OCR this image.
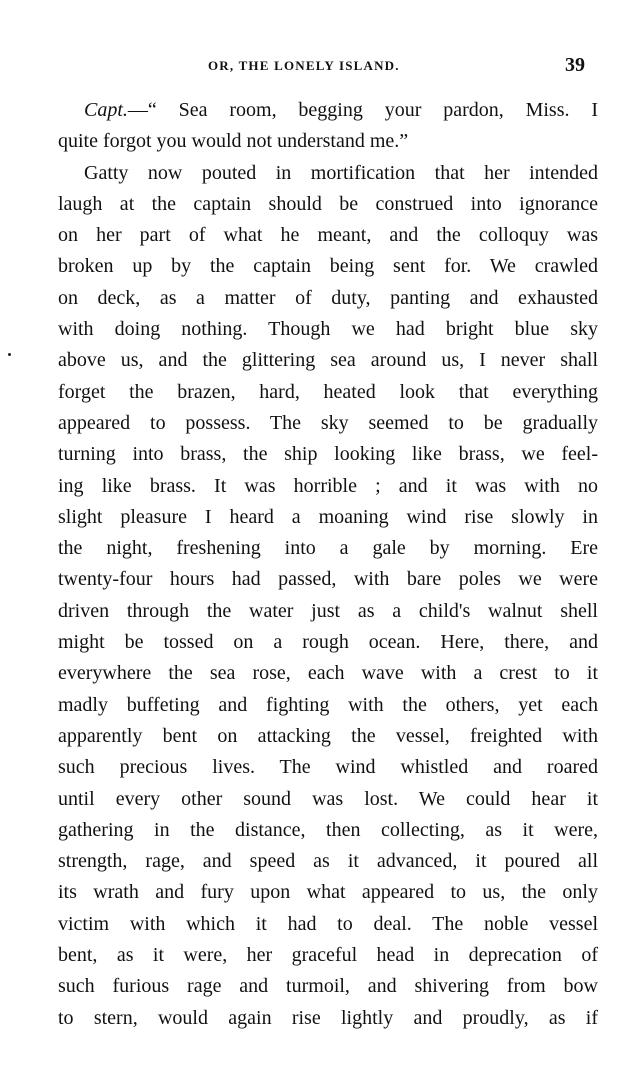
OR, THE LONELY ISLAND.	39
Capt.—“ Sea room, begging your pardon, Miss. I
quite forgot you would not understand me.”
Gatty now pouted in mortification that her intended
laugh at the captain should be construed into ignorance
on her part of what he meant, and the colloquy was
broken up by the captain being sent for. We crawled
on deck, as a matter of duty, panting and exhausted
with doing nothing. Though we had bright blue sky
above us, and the glittering sea around us, I never shall
forget the brazen, hard, heated look that everything
appeared to possess. The sky seemed to be gradually
turning into brass, the ship looking like brass, we feel-
ing like brass. It was horrible ; and it was with no
slight pleasure I heard a moaning wind rise slowly in
the night, freshening into a gale by morning. Ere
twenty-four hours had passed, with bare poles we were
driven through the water just as a child's walnut shell
might be tossed on a rough ocean. Here, there, and
everywhere the sea rose, each wave with a crest to it
madly buffeting and fighting with the others, yet each
apparently bent on attacking the vessel, freighted with
such precious lives. The wind whistled and roared
until every other sound was lost. We could hear it
gathering in the distance, then collecting, as it were,
strength, rage, and speed as it advanced, it poured all
its wrath and fury upon what appeared to us, the only
victim with which it had to deal. The noble vessel
bent, as it were, her graceful head in deprecation of
such furious rage and turmoil, and shivering from bow
to stern, would again rise lightly and proudly, as if
